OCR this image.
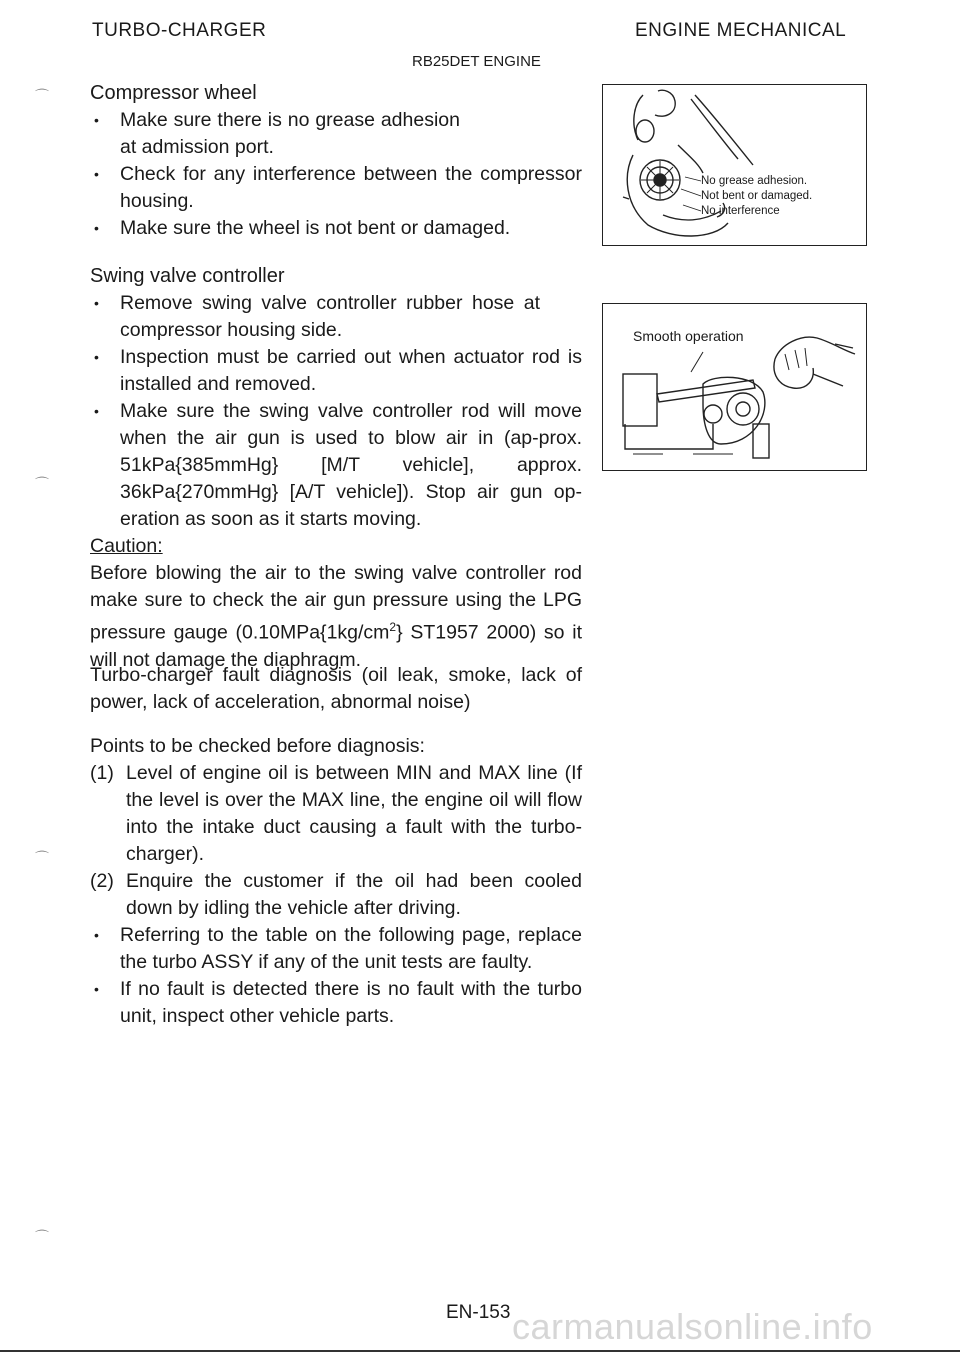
TURBO-CHARGER	ENGINE MECHANICAL
RB25DET ENGINE
⌒
⌒
⌒
⌒
Compressor wheel
• Make sure there is no grease adhesion at admission port.
• Check for any interference between the compressor housing.
• Make sure the wheel is not bent or damaged.
No grease adhesion.
Not bent or damaged.
No interference
Swing valve controller
• Remove swing valve controller rubber hose at compressor housing side.
• Inspection must be carried out when actuator rod is installed and removed.
• Make sure the swing valve controller rod will move when the air gun is used to blow air in (ap-prox. 51kPa{385mmHg} [M/T vehicle], approx. 36kPa{270mmHg} [A/T vehicle]). Stop air gun op-eration as soon as it starts moving.
Caution:
Before blowing the air to the swing valve controller rod make sure to check the air gun pressure using the LPG pressure gauge ($0.10MPa\{1kg/cm^2\}$ ST1957 2000) so it will not damage the diaphragm.
Smooth operation
Turbo-charger fault diagnosis (oil leak, smoke, lack of power, lack of acceleration, abnormal noise)
Points to be checked before diagnosis:
(1) Level of engine oil is between MIN and MAX line (If the level is over the MAX line, the engine oil will flow into the intake duct causing a fault with the turbo-charger).
(2) Enquire the customer if the oil had been cooled down by idling the vehicle after driving.
• Referring to the table on the following page, replace the turbo ASSY if any of the unit tests are faulty.
• If no fault is detected there is no fault with the turbo unit, inspect other vehicle parts.
EN-153 carmanualsonline.info
